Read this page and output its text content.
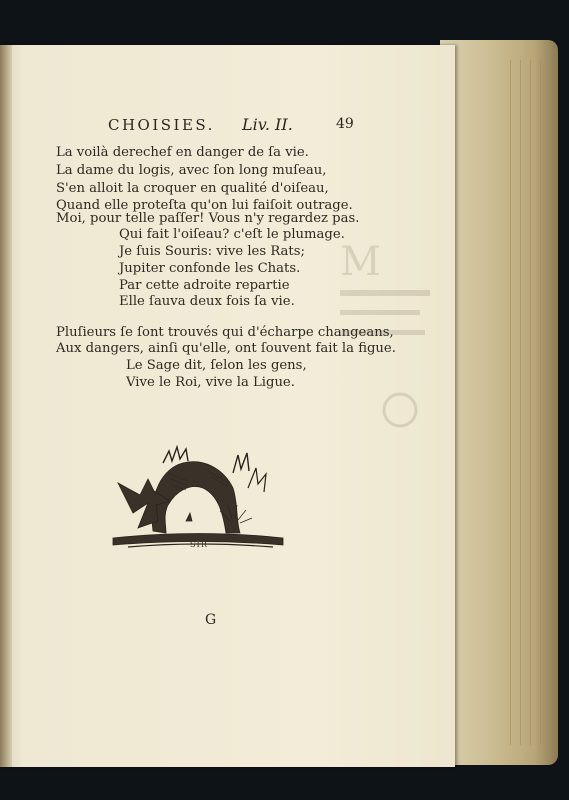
M
CHOISIES. Liv. II.	49
La voilà derechef en danger de ſa vie.
La dame du logis, avec ſon long muſeau,
S'en alloit la croquer en qualité d'oiſeau,
Quand elle proteſta qu'on lui faiſoit outrage.
Moi, pour telle paſſer! Vous n'y regardez pas.
Qui fait l'oiſeau? c'eſt le plumage.
Je ſuis Souris: vive les Rats;
Jupiter confonde les Chats.
Par cette adroite repartie
Elle ſauva deux fois ſa vie.
Pluſieurs ſe ſont trouvés qui d'écharpe changeans,
Aux dangers, ainſi qu'elle, ont ſouvent fait la figue.
Le Sage dit, ſelon les gens,
Vive le Roi, vive la Ligue.
STR
G
